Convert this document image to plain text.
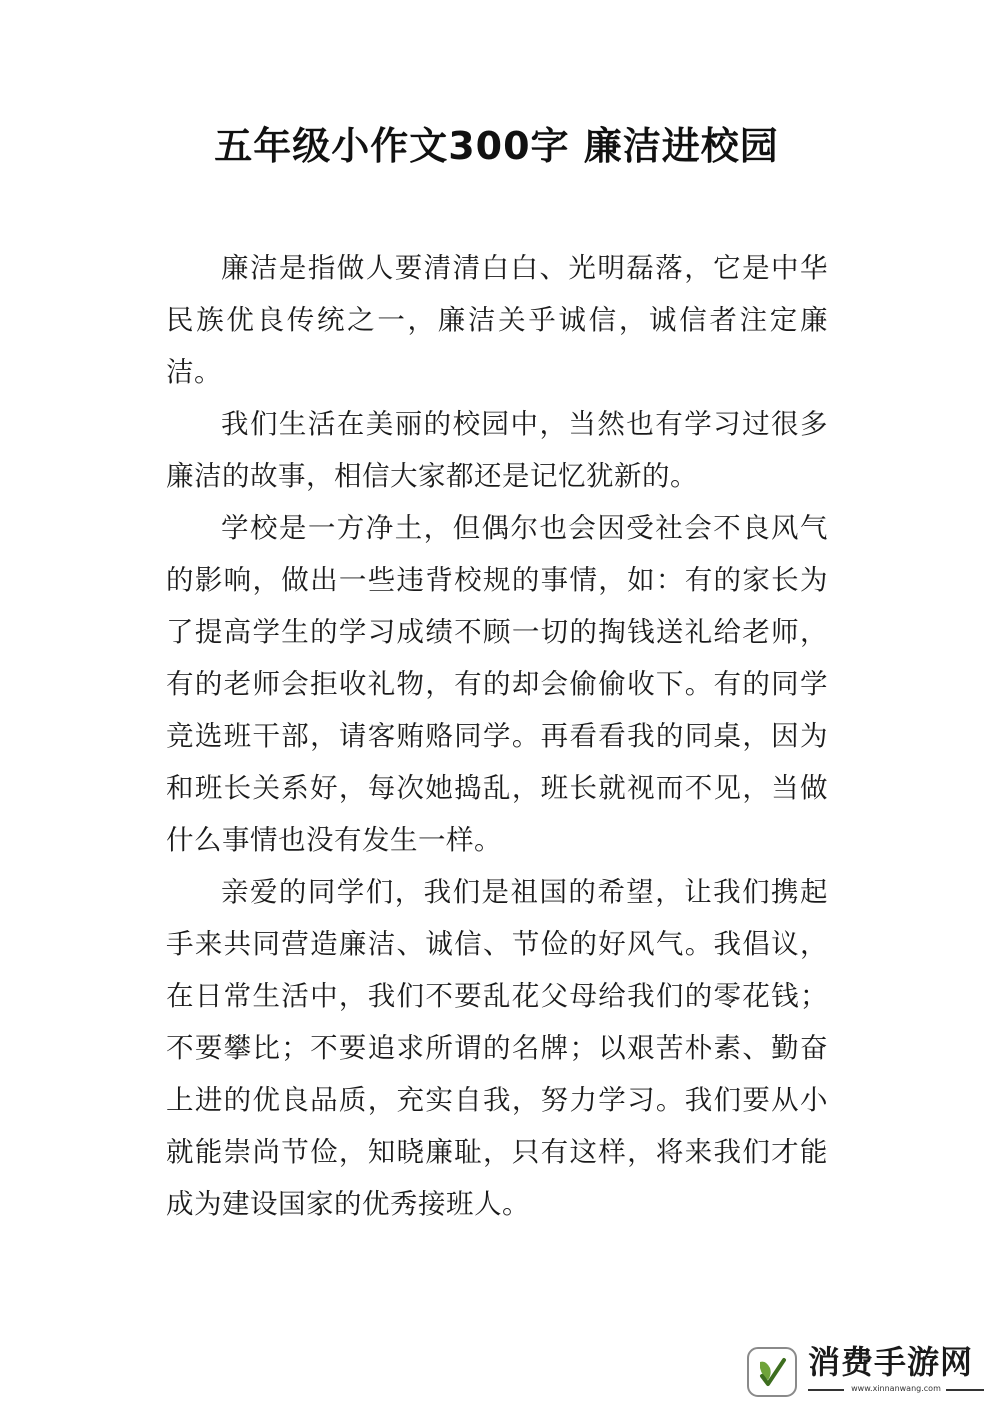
五年级小作文300字 廉洁进校园

廉洁是指做人要清清白白、光明磊落，它是中华民族优良传统之一，廉洁关乎诚信，诚信者注定廉洁。

我们生活在美丽的校园中，当然也有学习过很多廉洁的故事，相信大家都还是记忆犹新的。

学校是一方净土，但偶尔也会因受社会不良风气的影响，做出一些违背校规的事情，如：有的家长为了提高学生的学习成绩不顾一切的掏钱送礼给老师，有的老师会拒收礼物，有的却会偷偷收下。有的同学竞选班干部，请客贿赂同学。再看看我的同桌，因为和班长关系好，每次她捣乱，班长就视而不见，当做什么事情也没有发生一样。

亲爱的同学们，我们是祖国的希望，让我们携起手来共同营造廉洁、诚信、节俭的好风气。我倡议，在日常生活中，我们不要乱花父母给我们的零花钱；不要攀比；不要追求所谓的名牌；以艰苦朴素、勤奋上进的优良品质，充实自我，努力学习。我们要从小就能崇尚节俭，知晓廉耻，只有这样，将来我们才能成为建设国家的优秀接班人。

消费手游网
www.xinnanwang.com
